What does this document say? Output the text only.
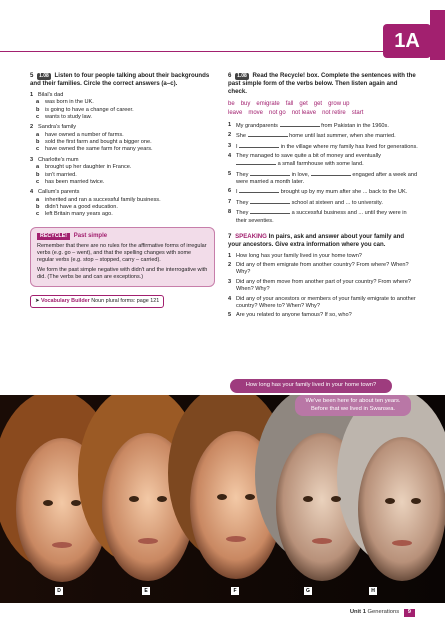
1A
5 1.08 Listen to four people talking about their backgrounds and their families. Circle the correct answers (a–c).
1 Bilal's dad
a	was born in the UK.
b is going to have a change of career.
c	wants to study law.
2 Sandra's family
a	have owned a number of farms.
b sold the first farm and bought a bigger one.
c	have owned the same farm for many years.
3 Charlotte's mum
a	brought up her daughter in France.
b isn't married.
c	has been married twice.
4 Callum's parents
a	inherited and ran a successful family business.
b didn't have a good education.
c	left Britain many years ago.
RECYCLE! Past simple

Remember that there are no rules for the affirmative forms of irregular verbs (e.g. go – went), and that the spelling changes with some regular verbs (e.g. stop – stopped, carry – carried).

We form the past simple negative with didn't and the interrogative with did. (The verbs be and can are exceptions.)

➤ Vocabulary Builder Noun plural forms: page 121
6 1.08 Read the Recycle! box. Complete the sentences with the past simple form of the verbs below. Then listen again and check.
be buy emigrate fall get get grow up
leave move not go not leave not retire start
1 My grandparents	from Pakistan in the 1960s.
2 She	home until last summer, when she married.
3 I	in the village where my family has lived for generations.
4 They managed to save quite a bit of money and eventually  a small farmhouse with some land.
5 They	in love,	engaged after a week and were married a month later.
6 I	brought up by my mum after she ... back to the UK.
7 They	school at sixteen and ... to university.
8 They	a successful business and ... until they were in their seventies.
7 SPEAKING In pairs, ask and answer about your family and your ancestors. Give extra information where you can.
1 How long has your family lived in your home town?
2 Did any of them emigrate from another country? From where? When? Why?
3 Did any of them move from another part of your country? From where? When? Why?
4 Did any of your ancestors or members of your family emigrate to another country? Where to? When? Why?
5 Are you related to anyone famous? If so, who?
How long has your family lived in your home town?
We've been here for about ten years. Before that we lived in Swansea.
D	E	F	G	H
Unit 1 Generations 9
